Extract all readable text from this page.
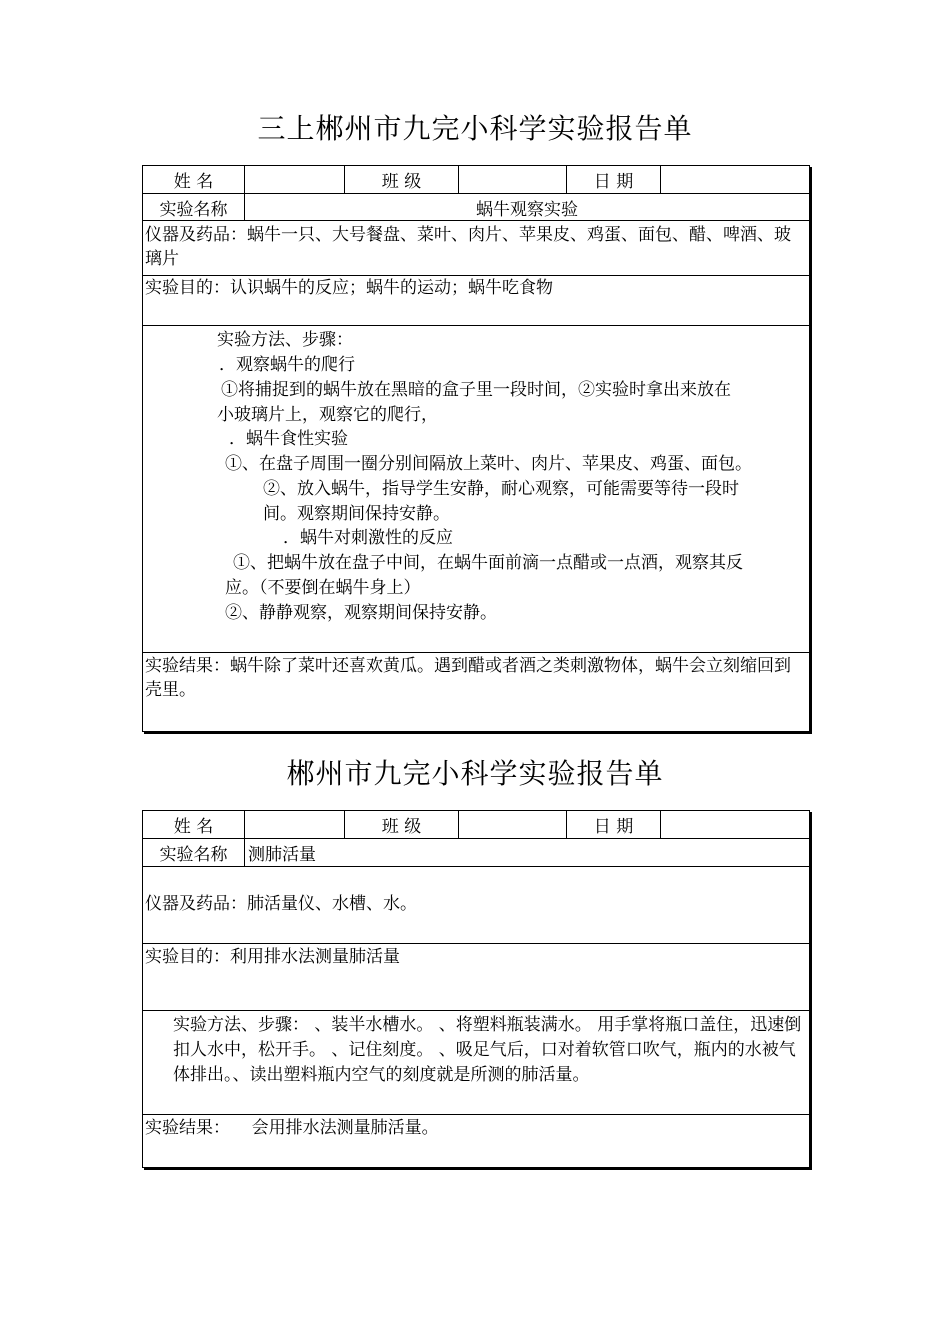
三上郴州市九完小科学实验报告单
姓 名	班 级	日 期
实验名称	蜗牛观察实验
仪器及药品：蜗牛一只、大号餐盘、菜叶、肉片、苹果皮、鸡蛋、面包、醋、啤酒、玻璃片
实验目的：认识蜗牛的反应；蜗牛的运动；蜗牛吃食物
实验方法、步骤：
．观察蜗牛的爬行
①将捕捉到的蜗牛放在黑暗的盒子里一段时间，②实验时拿出来放在
小玻璃片上，观察它的爬行，
．蜗牛食性实验
①、在盘子周围一圈分别间隔放上菜叶、肉片、苹果皮、鸡蛋、面包。
②、放入蜗牛，指导学生安静，耐心观察，可能需要等待一段时
间。观察期间保持安静。
．蜗牛对刺激性的反应
①、把蜗牛放在盘子中间，在蜗牛面前滴一点醋或一点酒，观察其反
应。（不要倒在蜗牛身上）
②、静静观察，观察期间保持安静。
实验结果：蜗牛除了菜叶还喜欢黄瓜。遇到醋或者酒之类刺激物体，蜗牛会立刻缩回到壳里。
郴州市九完小科学实验报告单
姓 名	班 级	日 期
实验名称	测肺活量
仪器及药品：肺活量仪、水槽、水。
实验目的：利用排水法测量肺活量
实验方法、步骤： 、装半水槽水。 、将塑料瓶装满水。 用手掌将瓶口盖住，迅速倒扣人水中，松开手。 、记住刻度。 、吸足气后，口对着软管口吹气，瓶内的水被气体排出。、读出塑料瓶内空气的刻度就是所测的肺活量。
实验结果：    会用排水法测量肺活量。
